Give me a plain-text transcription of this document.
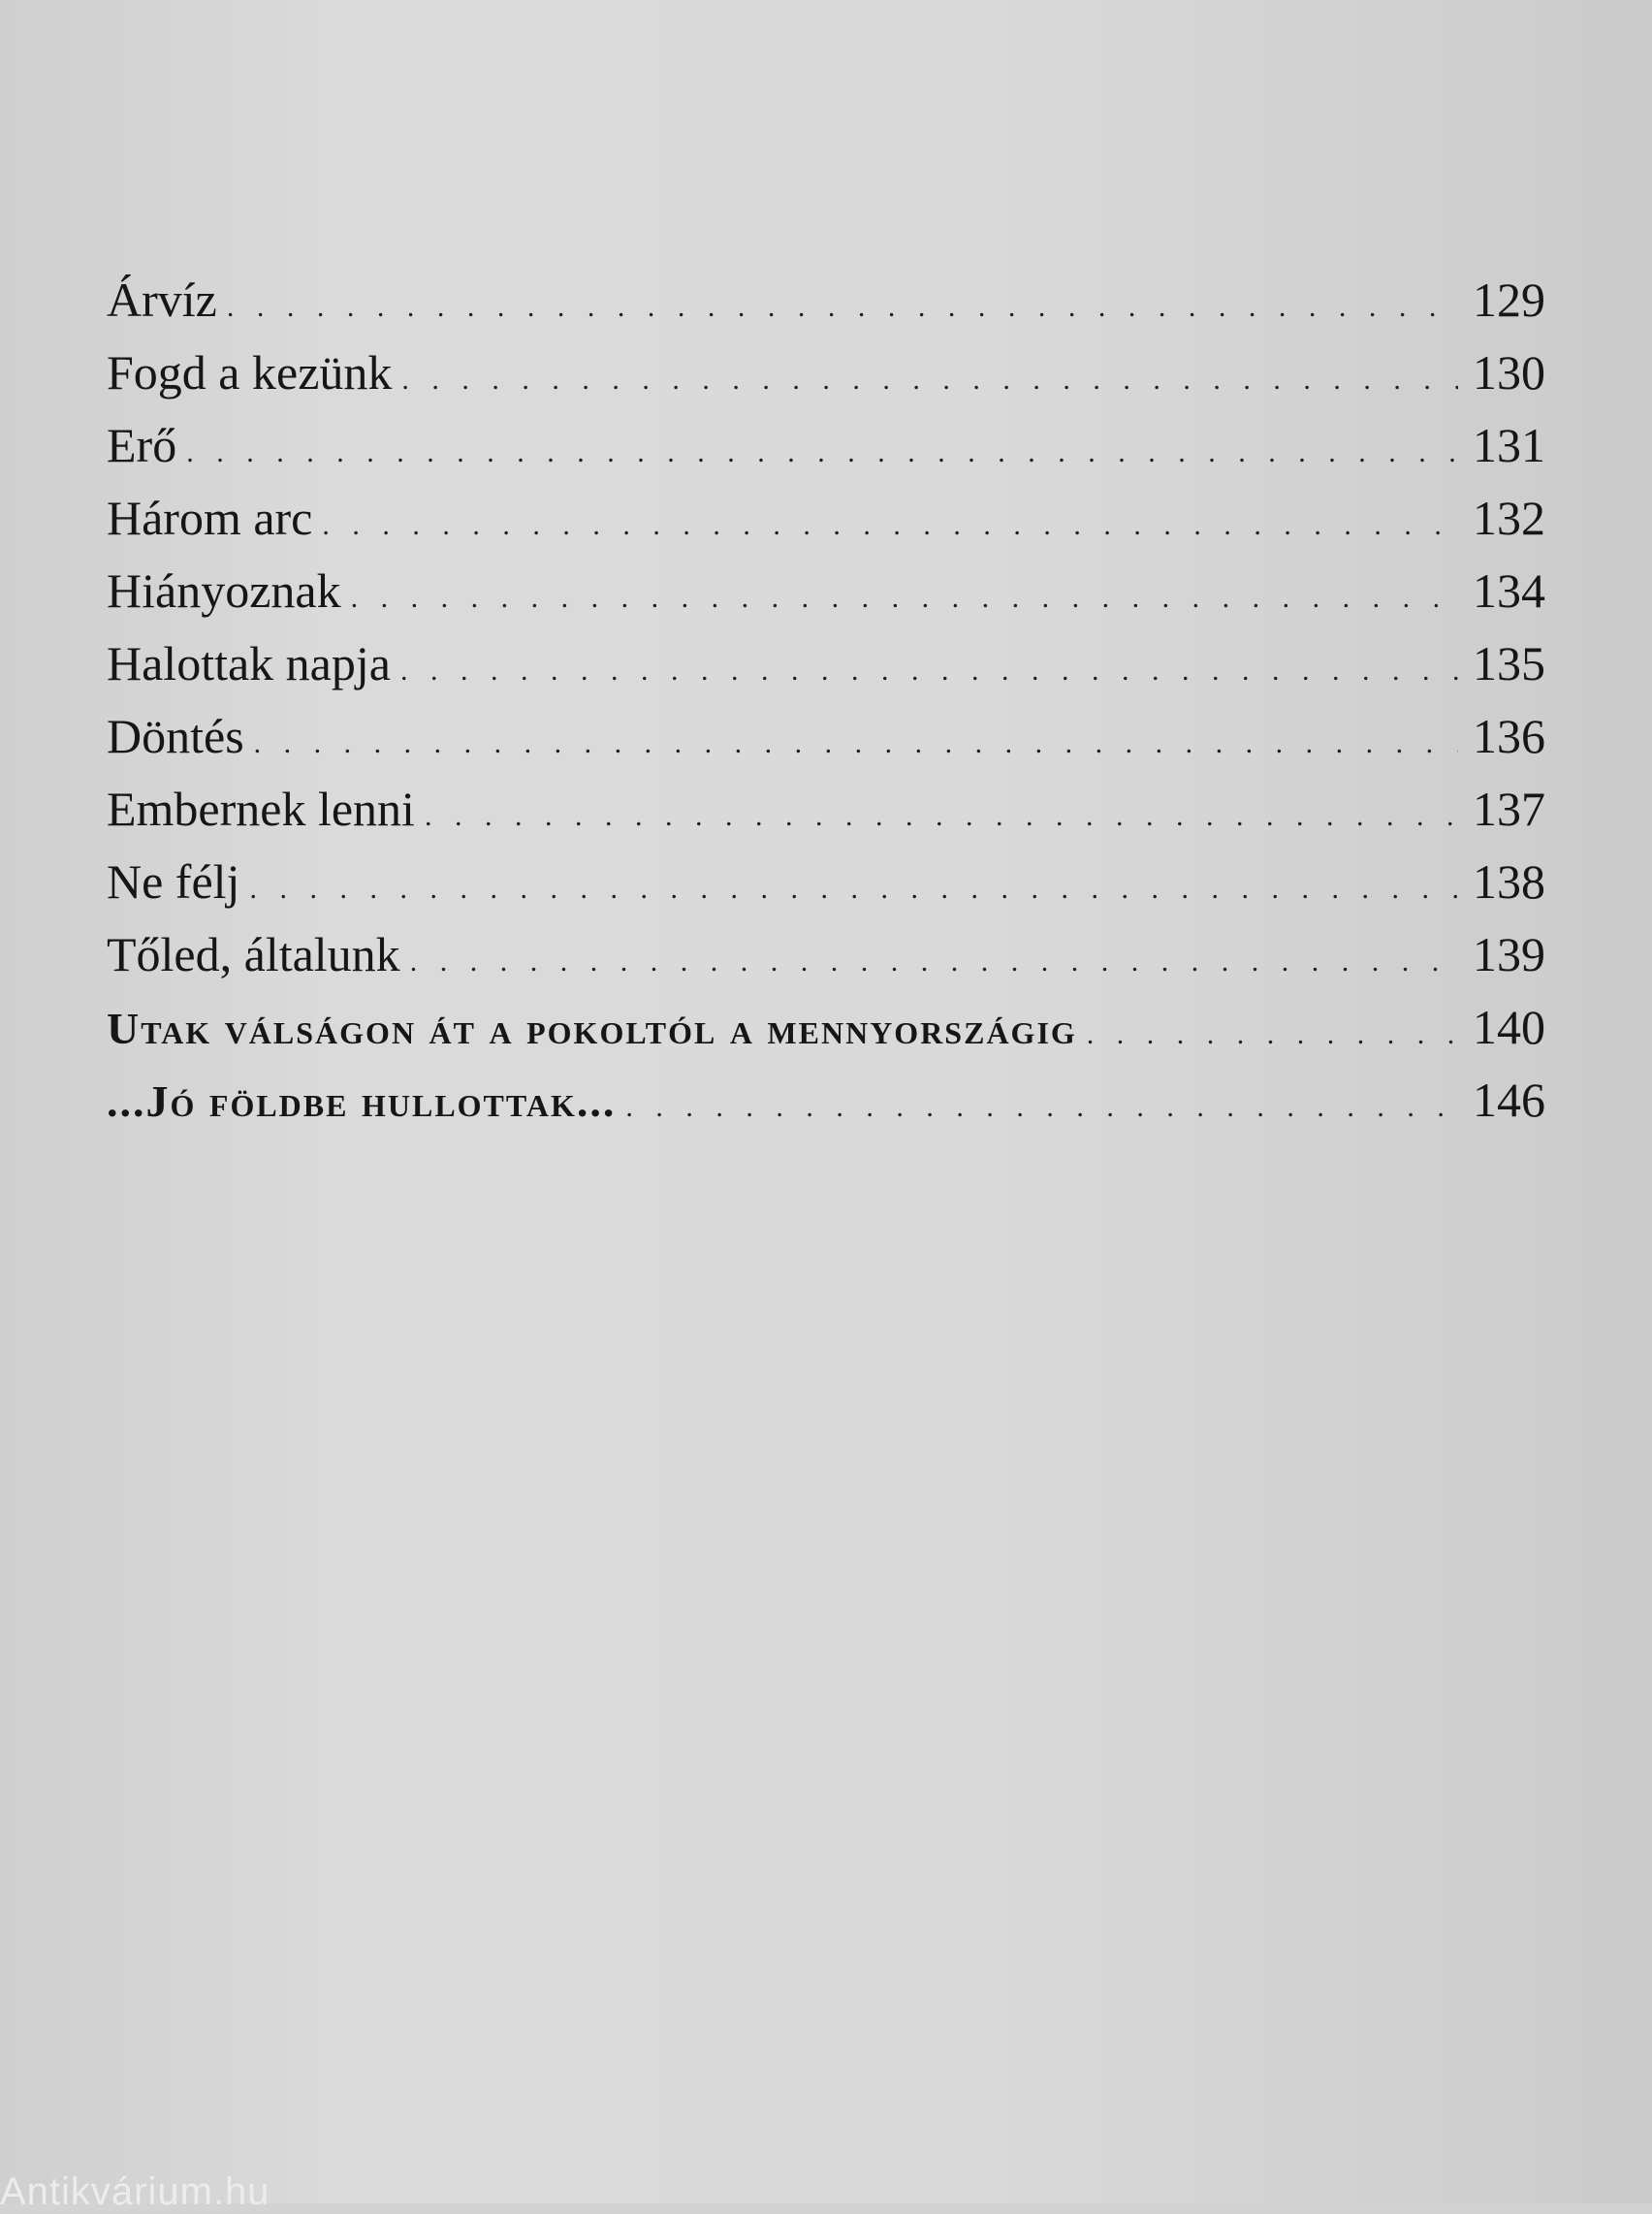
Árvíz . . .	129
Fogd a kezünk . . .	130
Erő . . .	131
Három arc . . .	132
Hiányoznak . . .	134
Halottak napja . . .	135
Döntés . . .	136
Embernek lenni . . .	137
Ne félj . . .	138
Tőled, általunk . . .	139
Utak válságon át a pokoltól a mennyországig . . .	140
...Jó földbe hullottak... . . .	146
Antikvárium.hu
